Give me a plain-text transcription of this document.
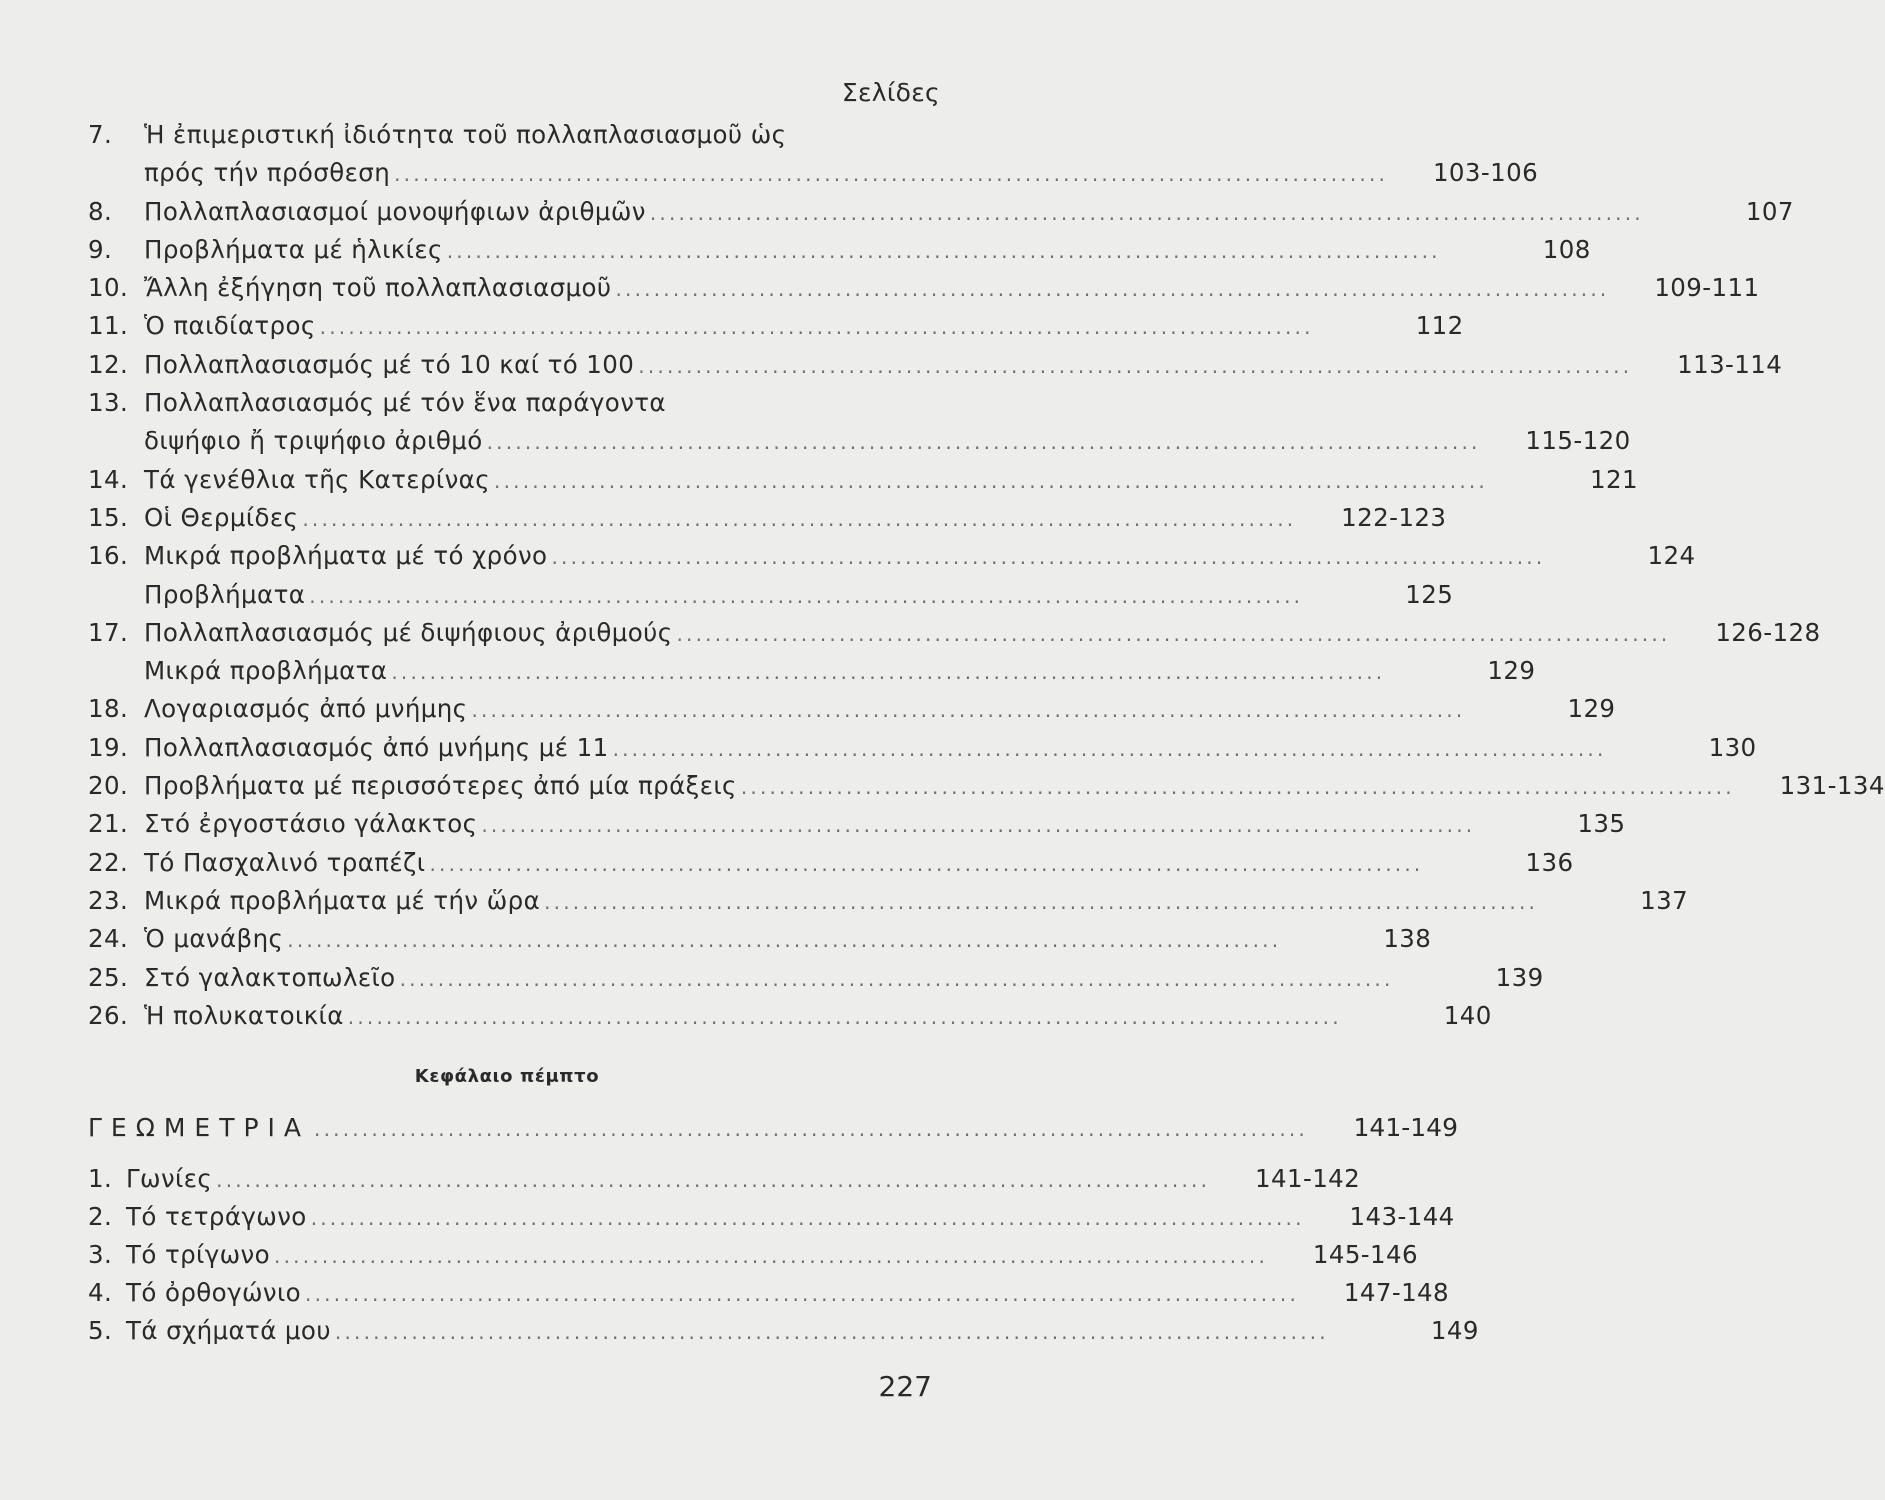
Σελίδες
7.	Ἡ ἐπιμεριστική ἰδιότητα τοῦ πολλαπλασιασμοῦ ὡς
πρός τήν πρόσθεση ........................................................................................................ 103-106
8.	Πολλαπλασιασμοί μονοψήφιων ἀριθμῶν ........................................................................................................	107
9.	Προβλήματα μέ ἡλικίες ........................................................................................................	108
10. Ἄλλη ἐξήγηση τοῦ πολλαπλασιασμοῦ ........................................................................................................ 109-111
11. Ὁ παιδίατρος ........................................................................................................	112
12. Πολλαπλασιασμός μέ τό 10 καί τό 100 ........................................................................................................ 113-114
13. Πολλαπλασιασμός μέ τόν ἕνα παράγοντα
διψήφιο ἤ τριψήφιο ἀριθμό ........................................................................................................ 115-120
14. Τά γενέθλια τῆς Κατερίνας ........................................................................................................	121
15. Οἱ Θερμίδες ........................................................................................................ 122-123
16. Μικρά προβλήματα μέ τό χρόνο ........................................................................................................	124
Προβλήματα ........................................................................................................	125
17. Πολλαπλασιασμός μέ διψήφιους ἀριθμούς ........................................................................................................ 126-128
Μικρά προβλήματα ........................................................................................................	129
18. Λογαριασμός ἀπό μνήμης ........................................................................................................	129
19. Πολλαπλασιασμός ἀπό μνήμης μέ 11 ........................................................................................................	130
20. Προβλήματα μέ περισσότερες ἀπό μία πράξεις ........................................................................................................ 131-134
21. Στό ἐργοστάσιο γάλακτος ........................................................................................................	135
22. Τό Πασχαλινό τραπέζι ........................................................................................................	136
23. Μικρά προβλήματα μέ τήν ὥρα ........................................................................................................	137
24. Ὁ μανάβης ........................................................................................................	138
25. Στό γαλακτοπωλεῖο ........................................................................................................	139
26. Ἡ πολυκατοικία ........................................................................................................	140
Κεφάλαιο πέμπτο
ΓΕΩΜΕΤΡΙΑ ........................................................................................................	141-149
1. Γωνίες ........................................................................................................ 141-142
2. Τό τετράγωνο ........................................................................................................ 143-144
3. Τό τρίγωνο ........................................................................................................ 145-146
4. Τό ὀρθογώνιο ........................................................................................................ 147-148
5. Τά σχήματά μου ........................................................................................................	149
227
